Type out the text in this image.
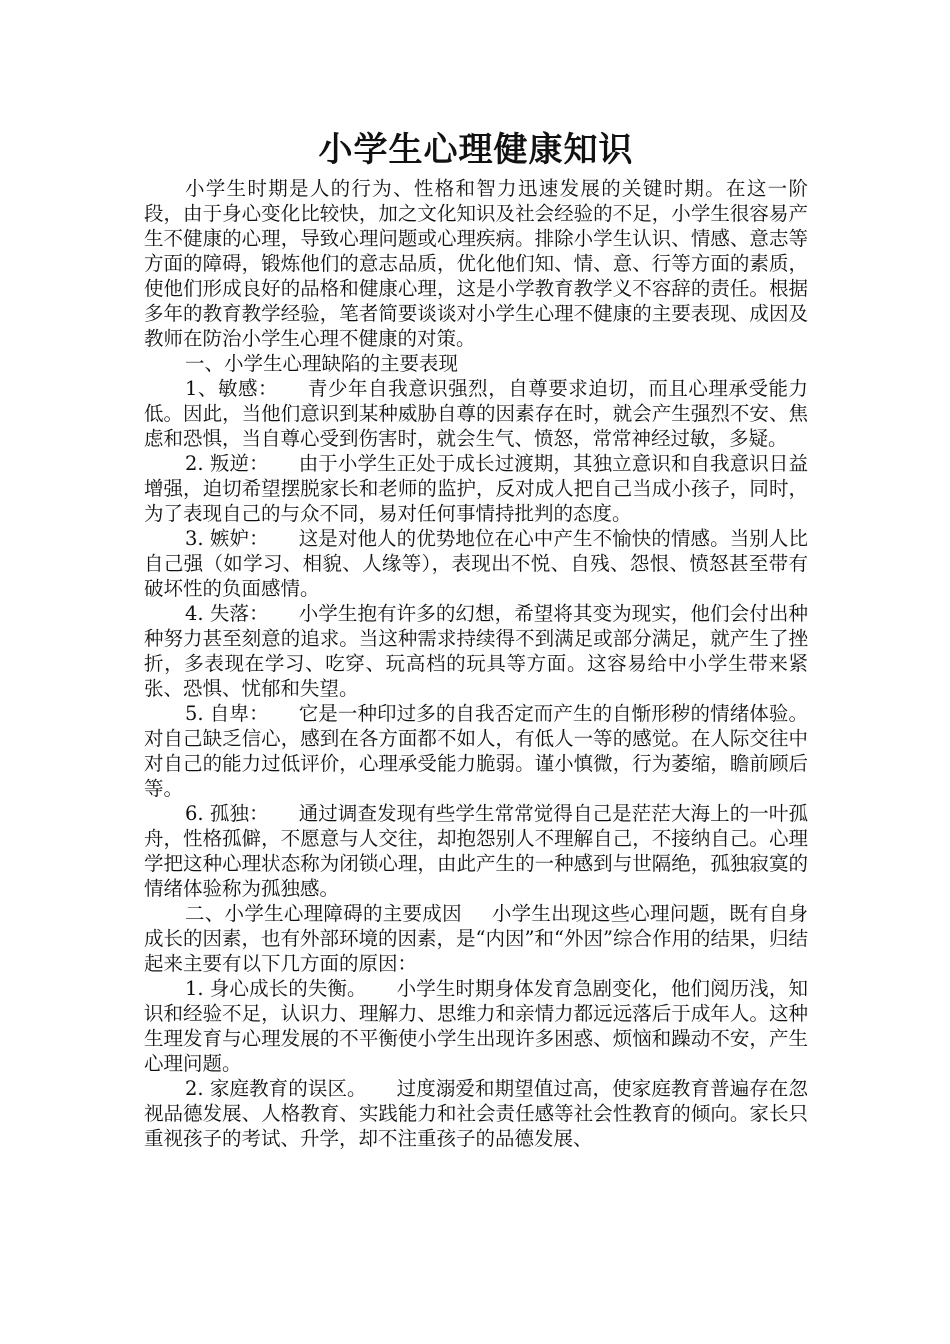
小学生心理健康知识

小学生时期是人的行为、性格和智力迅速发展的关键时期。在这一阶段，由于身心变化比较快，加之文化知识及社会经验的不足，小学生很容易产生不健康的心理，导致心理问题或心理疾病。排除小学生认识、情感、意志等方面的障碍，锻炼他们的意志品质，优化他们知、情、意、行等方面的素质，使他们形成良好的品格和健康心理，这是小学教育教学义不容辞的责任。根据多年的教育教学经验，笔者简要谈谈对小学生心理不健康的主要表现、成因及教师在防治小学生心理不健康的对策。

一、小学生心理缺陷的主要表现

1、敏感： 青少年自我意识强烈，自尊要求迫切，而且心理承受能力低。因此，当他们意识到某种威胁自尊的因素存在时，就会产生强烈不安、焦虑和恐惧，当自尊心受到伤害时，就会生气、愤怒，常常神经过敏，多疑。

2. 叛逆： 由于小学生正处于成长过渡期，其独立意识和自我意识日益增强，迫切希望摆脱家长和老师的监护，反对成人把自己当成小孩子，同时，为了表现自己的与众不同，易对任何事情持批判的态度。

3. 嫉妒： 这是对他人的优势地位在心中产生不愉快的情感。当别人比自己强（如学习、相貌、人缘等），表现出不悦、自残、怨恨、愤怒甚至带有破坏性的负面感情。

4. 失落： 小学生抱有许多的幻想，希望将其变为现实，他们会付出种种努力甚至刻意的追求。当这种需求持续得不到满足或部分满足，就产生了挫折，多表现在学习、吃穿、玩高档的玩具等方面。这容易给中小学生带来紧张、恐惧、忧郁和失望。

5. 自卑： 它是一种印过多的自我否定而产生的自惭形秽的情绪体验。对自己缺乏信心，感到在各方面都不如人，有低人一等的感觉。在人际交往中对自己的能力过低评价，心理承受能力脆弱。谨小慎微，行为萎缩，瞻前顾后等。

6. 孤独： 通过调查发现有些学生常常觉得自己是茫茫大海上的一叶孤舟，性格孤僻，不愿意与人交往，却抱怨别人不理解自己，不接纳自己。心理学把这种心理状态称为闭锁心理，由此产生的一种感到与世隔绝，孤独寂寞的情绪体验称为孤独感。

二、小学生心理障碍的主要成因 小学生出现这些心理问题，既有自身成长的因素，也有外部环境的因素，是“内因”和“外因”综合作用的结果，归结起来主要有以下几方面的原因：

1. 身心成长的失衡。 小学生时期身体发育急剧变化，他们阅历浅，知识和经验不足，认识力、理解力、思维力和亲情力都远远落后于成年人。这种生理发育与心理发展的不平衡使小学生出现许多困惑、烦恼和躁动不安，产生心理问题。

2. 家庭教育的误区。 过度溺爱和期望值过高，使家庭教育普遍存在忽视品德发展、人格教育、实践能力和社会责任感等社会性教育的倾向。家长只重视孩子的考试、升学，却不注重孩子的品德发展、
